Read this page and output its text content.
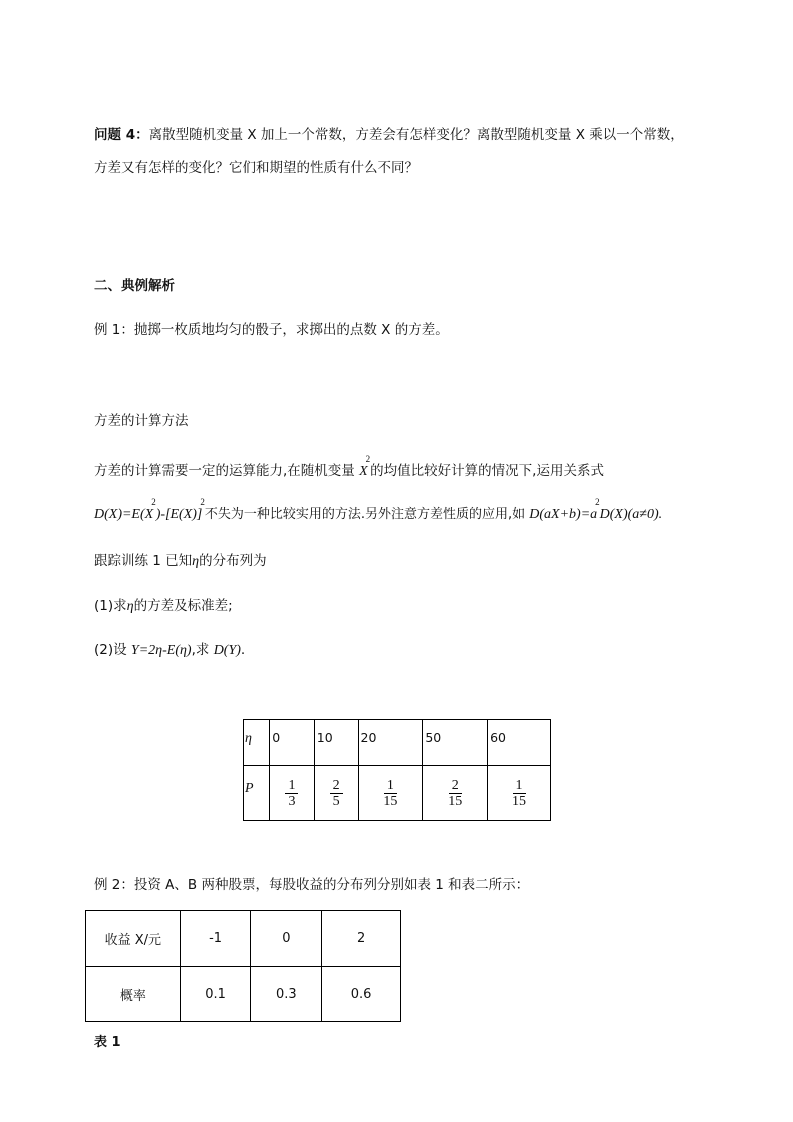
问题 4：离散型随机变量 X 加上一个常数，方差会有怎样变化？离散型随机变量 X 乘以一个常数，
方差又有怎样的变化？它们和期望的性质有什么不同？
二、典例解析
例 1：抛掷一枚质地均匀的骰子，求掷出的点数 X 的方差。
方差的计算方法
方差的计算需要一定的运算能力,在随机变量 $X^2$的均值比较好计算的情况下,运用关系式
$D(X)=E(X^2)-[E(X)]^2$不失为一种比较实用的方法.另外注意方差性质的应用,如 $D(aX+b)=a^2D(X)(a\ne 0)$.
跟踪训练 1 已知η的分布列为
(1)求η的方差及标准差;
(2)设 Y=2η-E(η),求 D(Y).
η	0	10	20	50	60
P	$\frac{1}{3}$	$\frac{2}{5}$	$\frac{1}{15}$	$\frac{2}{15}$	$\frac{1}{15}$
例 2：投资 A、B 两种股票，每股收益的分布列分别如表 1 和表二所示：
收益 X/元	-1	0	2
概率	0.1	0.3	0.6
表 1
